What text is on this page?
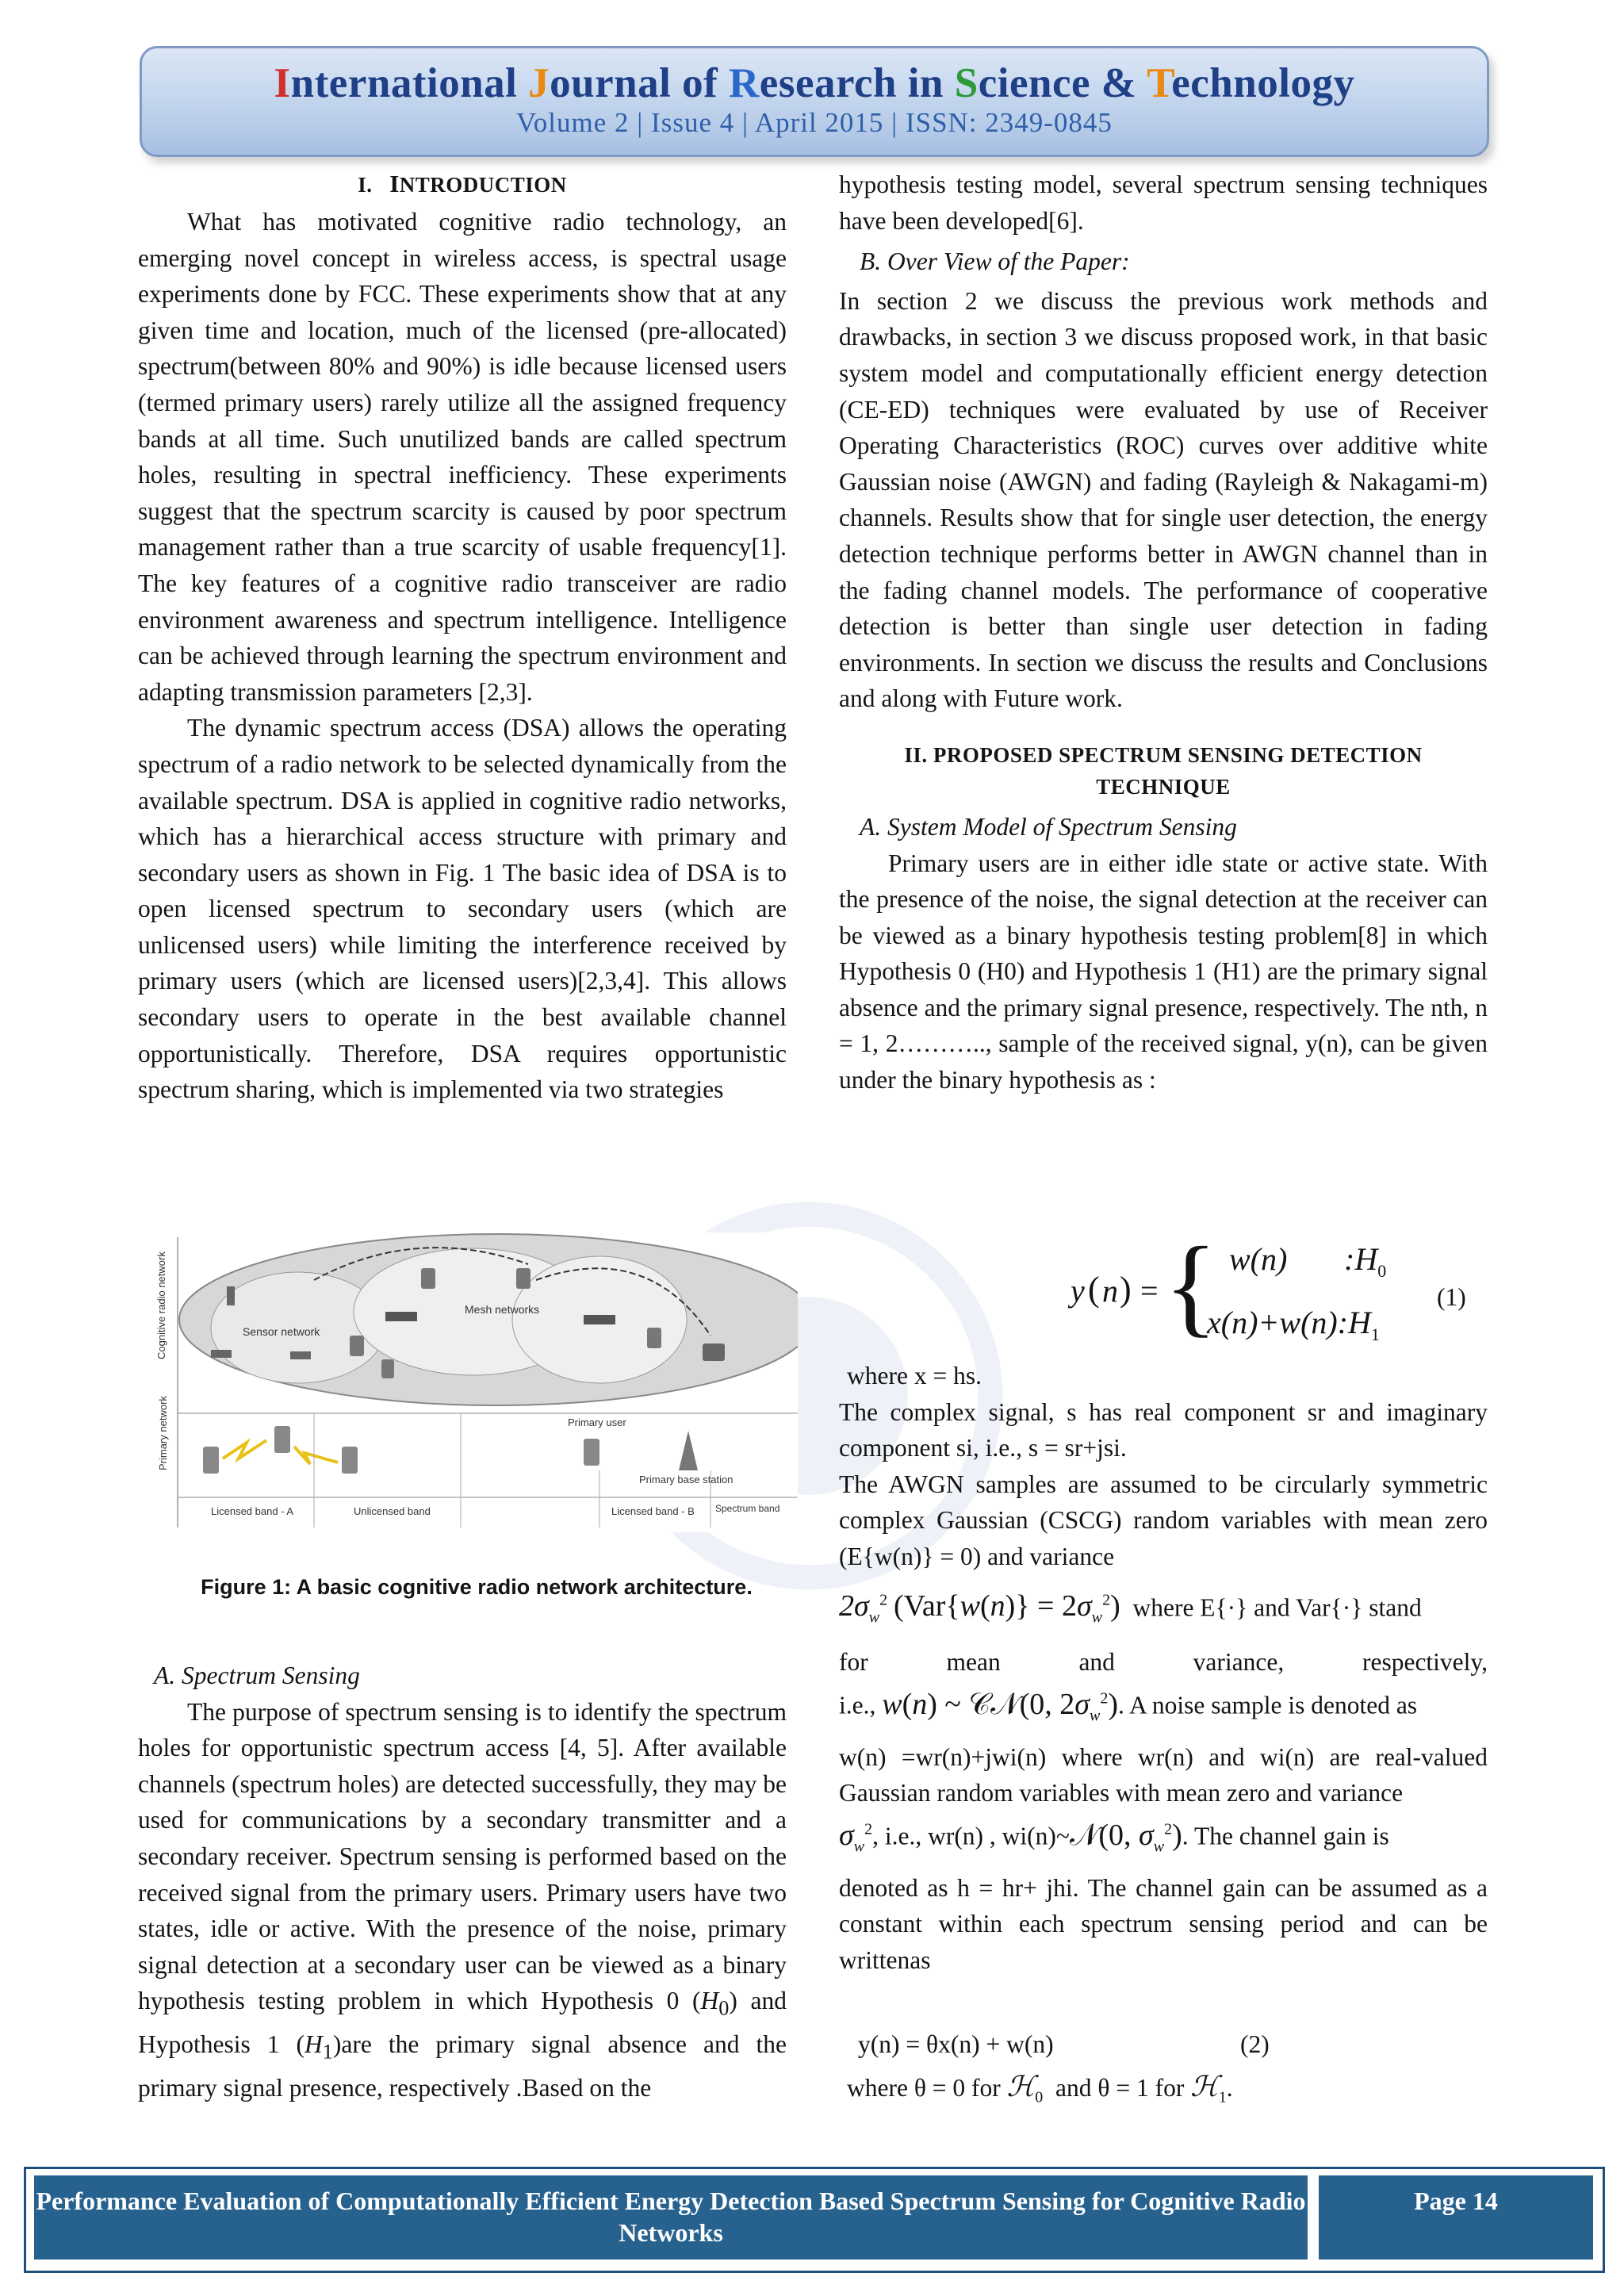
International Journal of Research in Science & Technology
Volume 2 | Issue 4 | April 2015 | ISSN: 2349-0845
I. INTRODUCTION

What has motivated cognitive radio technology, an emerging novel concept in wireless access, is spectral usage experiments done by FCC. These experiments show that at any given time and location, much of the licensed (pre-allocated) spectrum(between 80% and 90%) is idle because licensed users (termed primary users) rarely utilize all the assigned frequency bands at all time. Such unutilized bands are called spectrum holes, resulting in spectral inefficiency. These experiments suggest that the spectrum scarcity is caused by poor spectrum management rather than a true scarcity of usable frequency[1]. The key features of a cognitive radio transceiver are radio environment awareness and spectrum intelligence. Intelligence can be achieved through learning the spectrum environment and adapting transmission parameters [2,3].

The dynamic spectrum access (DSA) allows the operating spectrum of a radio network to be selected dynamically from the available spectrum. DSA is applied in cognitive radio networks, which has a hierarchical access structure with primary and secondary users as shown in Fig. 1 The basic idea of DSA is to open licensed spectrum to secondary users (which are unlicensed users) while limiting the interference received by primary users (which are licensed users)[2,3,4]. This allows secondary users to operate in the best available channel opportunistically. Therefore, DSA requires opportunistic spectrum sharing, which is implemented via two strategies

Cognitive radio network
Primary network
Sensor network
Mesh networks
Primary user
Primary base station
Licensed band - A	Unlicensed band	Licensed band - B Spectrum band
Figure 1: A basic cognitive radio network architecture.
A. Spectrum Sensing

The purpose of spectrum sensing is to identify the spectrum holes for opportunistic spectrum access [4, 5]. After available channels (spectrum holes) are detected successfully, they may be used for communications by a secondary transmitter and a secondary receiver. Spectrum sensing is performed based on the received signal from the primary users. Primary users have two states, idle or active. With the presence of the noise, primary signal detection at a secondary user can be viewed as a binary hypothesis testing problem in which Hypothesis 0 $(H_0)$ and Hypothesis 1 $(H_1)are$ the primary signal absence and the primary signal presence, respectively .Based on the

hypothesis testing model, several spectrum sensing techniques have been developed[6].

B. Over View of the Paper:

In section 2 we discuss the previous work methods and drawbacks, in section 3 we discuss proposed work, in that basic system model and computationally efficient energy detection (CE-ED) techniques were evaluated by use of Receiver Operating Characteristics (ROC) curves over additive white Gaussian noise (AWGN) and fading (Rayleigh & Nakagami-m) channels. Results show that for single user detection, the energy detection technique performs better in AWGN channel than in the fading channel models. The performance of cooperative detection is better than single user detection in fading environments. In section we discuss the results and Conclusions and along with Future work.

II. PROPOSED SPECTRUM SENSING DETECTION
TECHNIQUE
A. System Model of Spectrum Sensing

Primary users are in either idle state or active state. With the presence of the noise, the signal detection at the receiver can be viewed as a binary hypothesis testing problem[8] in which Hypothesis 0 (H0) and Hypothesis 1 (H1) are the primary signal absence and the primary signal presence, respectively. The nth, n = 1, 2……….., sample of the received signal, y(n), can be given under the binary hypothesis as :

y ( n ) = { w(n) $:H_0$
$x(n)+w(n):H_1$
(1)

where x = hs.

The complex signal, s has real component sr and imaginary component si, i.e., s = sr+jsi.

The AWGN samples are assumed to be circularly symmetric complex Gaussian (CSCG) random variables with mean zero (E{w(n)} = 0) and variance

$2\sigma_w^2$ $(Var\{w(n)\} = 2\sigma_w^2)$ where E{·} and Var{·} stand

for mean and variance, respectively,

i.e., w(n) ~ 𝒞𝒩(0, $2\sigma_w^2$). A noise sample is denoted as

w(n) =wr(n)+jwi(n) where wr(n) and wi(n) are real-valued Gaussian random variables with mean zero and variance

$\sigma_w^2$, i.e., wr(n) , wi(n)~𝒩(0, $\sigma_w^2$). The channel gain is

denoted as h = hr+ jhi. The channel gain can be assumed as a constant within each spectrum sensing period and can be writtenas

y(n) = θx(n) + w(n)	(2)
where θ = 0 for ℋ$_0$ and θ = 1 for ℋ$_1$.
Performance Evaluation of Computationally Efficient Energy Detection Based Spectrum Sensing for Cognitive Radio Networks
Page 14
